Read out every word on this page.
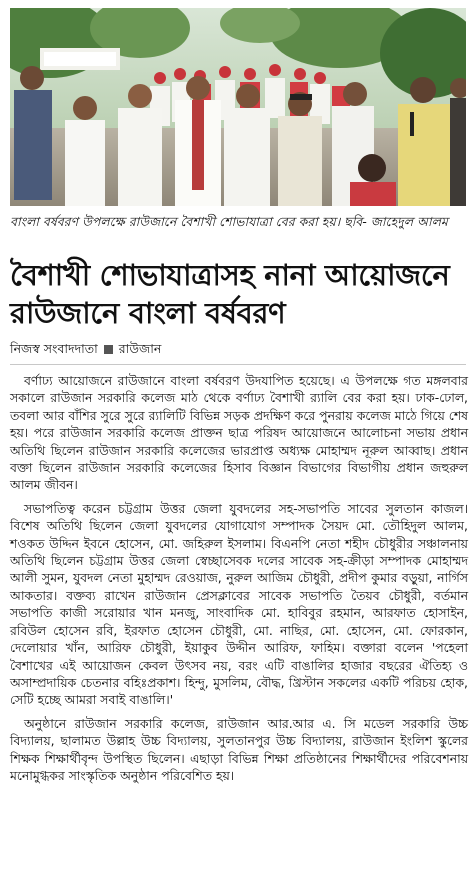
বাংলা বর্ষবরণ উপলক্ষে রাউজানে বৈশাখী শোভাযাত্রা বের করা হয়। ছবি- জাহেদুল আলম
বৈশাখী শোভাযাত্রাসহ নানা আয়োজনে
রাউজানে বাংলা বর্ষবরণ
নিজস্ব সংবাদদাতা রাউজান

বর্ণাঢ্য আয়োজনে রাউজানে বাংলা বর্ষবরণ উদযাপিত হয়েছে। এ উপলক্ষে গত মঙ্গলবার সকালে রাউজান সরকারি কলেজ মাঠ থেকে বর্ণাঢ্য বৈশাখী র‍্যালি বের করা হয়। ঢাক-ঢোল, তবলা আর বাঁশির সুরে সুরে র‍্যালিটি বিভিন্ন সড়ক প্রদক্ষিণ করে পুনরায় কলেজ মাঠে গিয়ে শেষ হয়। পরে রাউজান সরকারি কলেজ প্রাক্তন ছাত্র পরিষদ আয়োজনে আলোচনা সভায় প্রধান অতিথি ছিলেন রাউজান সরকারি কলেজের ভারপ্রাপ্ত অধ্যক্ষ মোহাম্মদ নূরুল আব্বাছ। প্রধান বক্তা ছিলেন রাউজান সরকারি কলেজের হিসাব বিজ্ঞান বিভাগের বিভাগীয় প্রধান জহুরুল আলম জীবন।

সভাপতিত্ব করেন চট্টগ্রাম উত্তর জেলা যুবদলের সহ-সভাপতি সাবের সুলতান কাজল। বিশেষ অতিথি ছিলেন জেলা যুবদলের যোগাযোগ সম্পাদক সৈয়দ মো. তৌহিদুল আলম, শওকত উদ্দিন ইবনে হোসেন, মো. জহিরুল ইসলাম। বিএনপি নেতা শহীদ চৌধুরীর সঞ্চালনায় অতিথি ছিলেন চট্টগ্রাম উত্তর জেলা স্বেচ্ছাসেবক দলের সাবেক সহ-ক্রীড়া সম্পাদক মোহাম্মদ আলী সুমন, যুবদল নেতা মুহাম্মদ রেওয়াজ, নুরুল আজিম চৌধুরী, প্রদীপ কুমার বড়ুয়া, নার্গিস আকতার। বক্তব্য রাখেন রাউজান প্রেসক্লাবের সাবেক সভাপতি তৈয়ব চৌধুরী, বর্তমান সভাপতি কাজী সরোয়ার খান মনজু, সাংবাদিক মো. হাবিবুর রহমান, আরফাত হোসাইন, রবিউল হোসেন রবি, ইরফাত হোসেন চৌধুরী, মো. নাছির, মো. হোসেন, মো. ফোরকান, দেলোয়ার খাঁন, আরিফ চৌধুরী, ইয়াকুব উদ্দীন আরিফ, ফাহিম। বক্তারা বলেন 'পহেলা বৈশাখের এই আয়োজন কেবল উৎসব নয়, বরং এটি বাঙালির হাজার বছরের ঐতিহ্য ও অসাম্প্রদায়িক চেতনার বহিঃপ্রকাশ। হিন্দু, মুসলিম, বৌদ্ধ, খ্রিস্টান সকলের একটি পরিচয় হোক, সেটি হচ্ছে আমরা সবাই বাঙালি।'

অনুষ্ঠানে রাউজান সরকারি কলেজ, রাউজান আর.আর এ. সি মডেল সরকারি উচ্চ বিদ্যালয়, ছালামত উল্লাহ উচ্চ বিদ্যালয়, সুলতানপুর উচ্চ বিদ্যালয়, রাউজান ইংলিশ স্কুলের শিক্ষক শিক্ষার্থীবৃন্দ উপস্থিত ছিলেন। এছাড়া বিভিন্ন শিক্ষা প্রতিষ্ঠানের শিক্ষার্থীদের পরিবেশনায় মনোমুগ্ধকর সাংস্কৃতিক অনুষ্ঠান পরিবেশিত হয়।
